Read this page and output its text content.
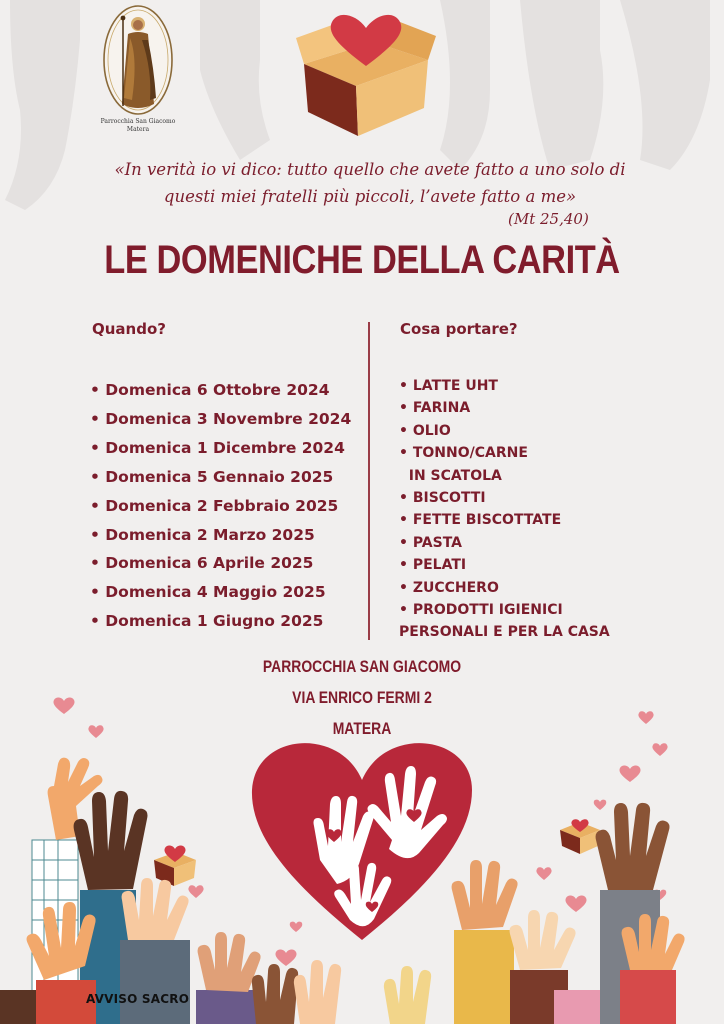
Parrocchia San Giacomo
Matera
«In verità io vi dico: tutto quello che avete fatto a uno solo di
questi miei fratelli più piccoli, l’avete fatto a me»
(Mt 25,40)
LE DOMENICHE DELLA CARITÀ
Quando?	Cosa portare?
• Domenica 6 Ottobre 2024
• Domenica 3 Novembre 2024
• Domenica 1 Dicembre 2024
• Domenica 5 Gennaio 2025
• Domenica 2 Febbraio 2025
• Domenica 2 Marzo 2025
• Domenica 6 Aprile 2025
• Domenica 4 Maggio 2025
• Domenica 1 Giugno 2025
• LATTE UHT
• FARINA
• OLIO
• TONNO/CARNE
IN SCATOLA
• BISCOTTI
• FETTE BISCOTTATE
• PASTA
• PELATI
• ZUCCHERO
• PRODOTTI IGIENICI
PERSONALI E PER LA CASA
PARROCCHIA SAN GIACOMO
VIA ENRICO FERMI 2
MATERA
AVVISO SACRO
